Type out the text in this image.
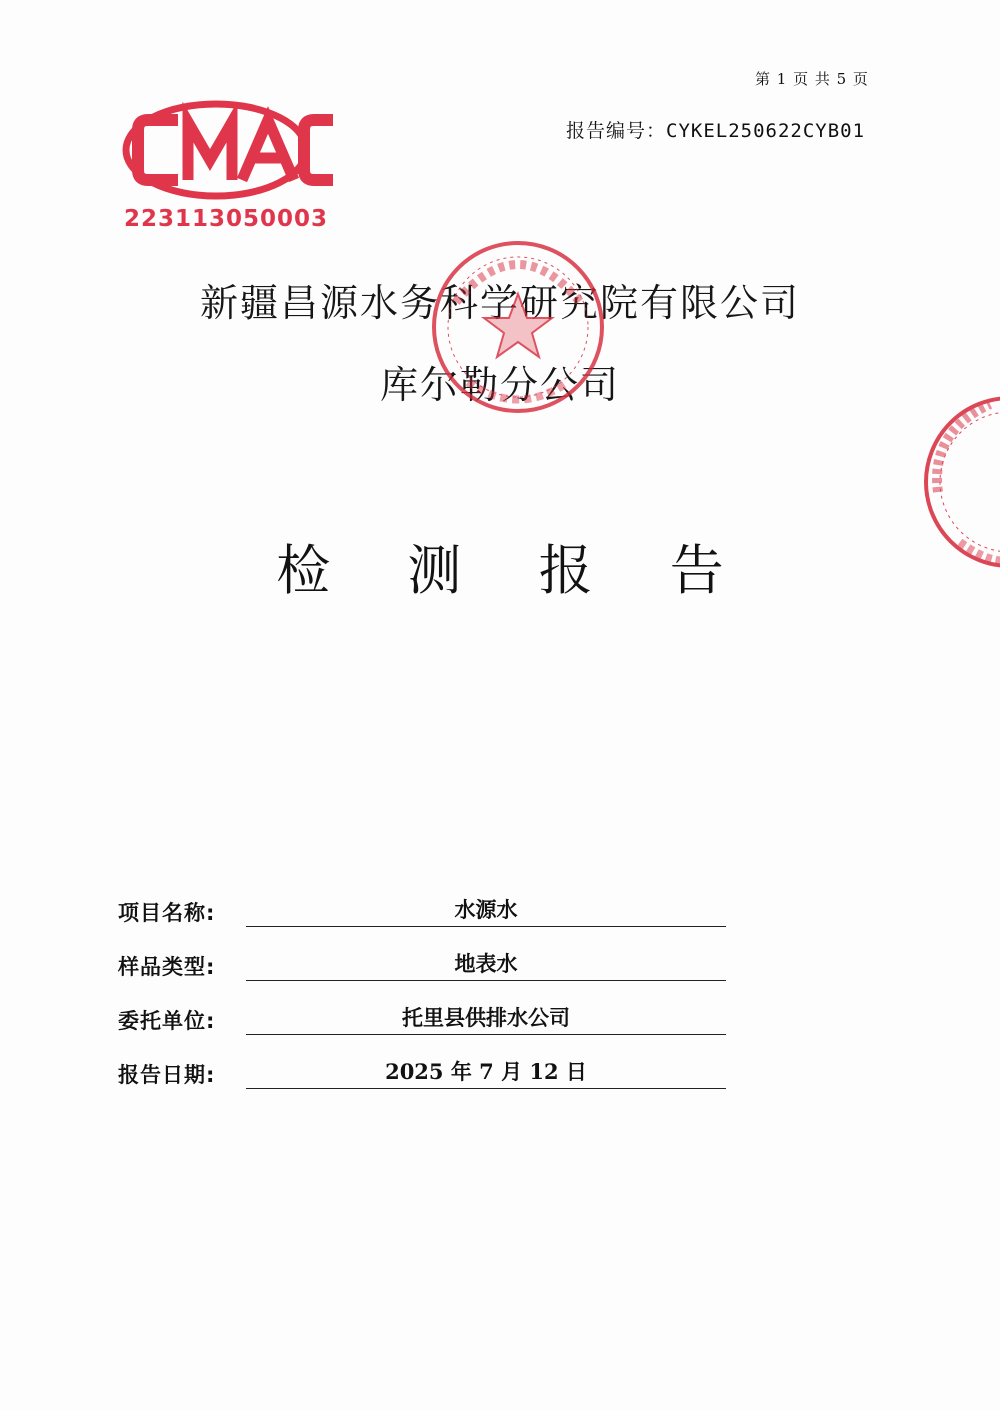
第 1 页 共 5 页
报告编号：CYKEL250622CYB01
223113050003
新疆昌源水务科学研究院有限公司
库尔勒分公司
检 测 报 告
项目名称:	水源水
样品类型:	地表水
委托单位:	托里县供排水公司
报告日期:	2025 年 7 月 12 日
